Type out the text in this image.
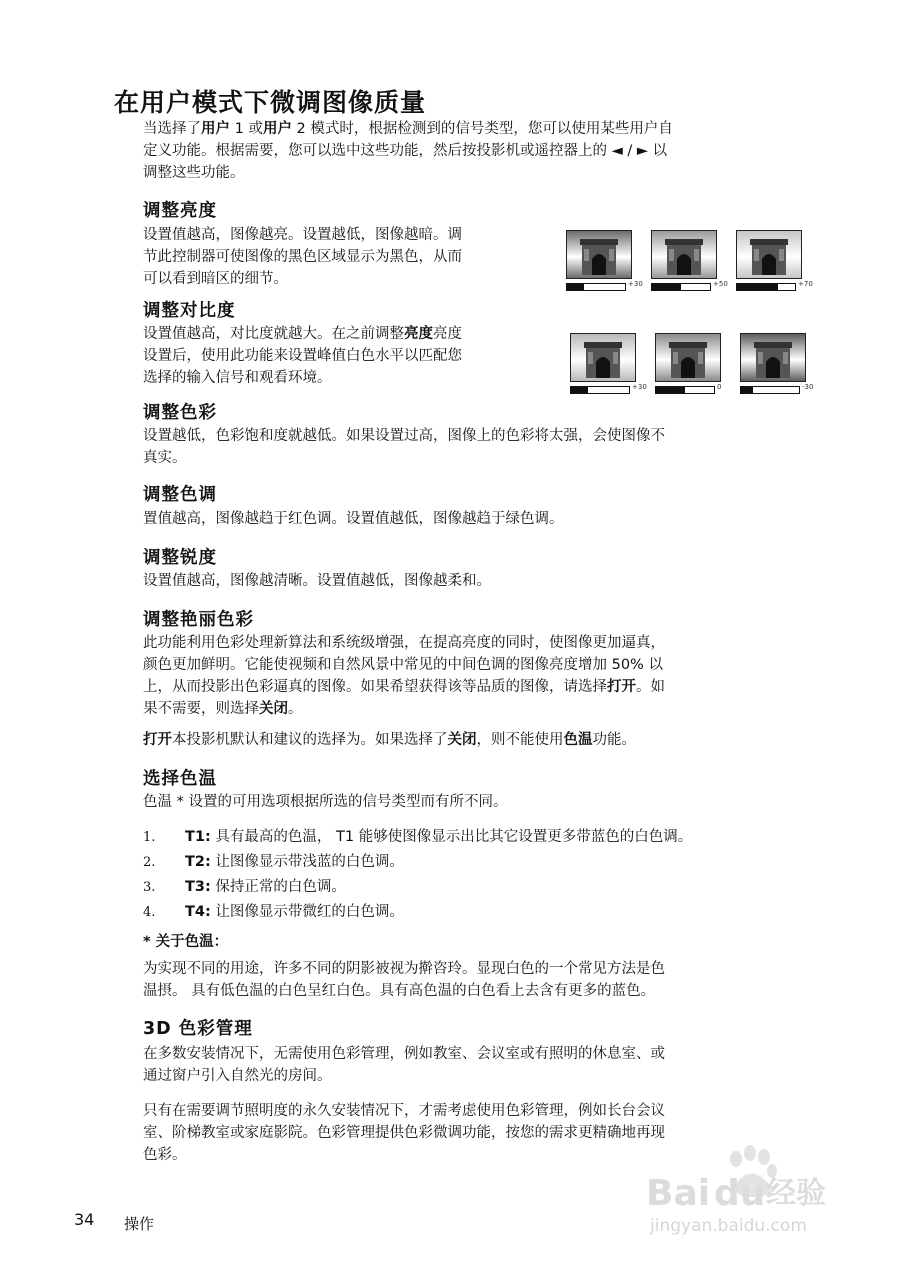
在用户模式下微调图像质量
当选择了用户 1 或用户 2 模式时，根据检测到的信号类型，您可以使用某些用户自
定义功能。根据需要，您可以选中这些功能，然后按投影机或遥控器上的 ◄ / ► 以
调整这些功能。
调整亮度
设置值越高，图像越亮。设置越低，图像越暗。调
节此控制器可使图像的黑色区域显示为黑色，从而
可以看到暗区的细节。	+30	+50	+70
调整对比度
设置值越高，对比度就越大。在之前调整亮度亮度
设置后，使用此功能来设置峰值白色水平以匹配您
选择的输入信号和观看环境。
+30	0	-30
调整色彩
设置越低，色彩饱和度就越低。如果设置过高，图像上的色彩将太强，会使图像不
真实。
调整色调
置值越高，图像越趋于红色调。设置值越低，图像越趋于绿色调。
调整锐度
设置值越高，图像越清晰。设置值越低，图像越柔和。
调整艳丽色彩
此功能利用色彩处理新算法和系统级增强，在提高亮度的同时，使图像更加逼真，
颜色更加鲜明。它能使视频和自然风景中常见的中间色调的图像亮度增加 50% 以
上，从而投影出色彩逼真的图像。如果希望获得该等品质的图像，请选择打开。如
果不需要，则选择关闭。
打开本投影机默认和建议的选择为。如果选择了关闭，则不能使用色温功能。
选择色温
色温 * 设置的可用选项根据所选的信号类型而有所不同。
1. T1: 具有最高的色温， T1 能够使图像显示出比其它设置更多带蓝色的白色调。
2. T2: 让图像显示带浅蓝的白色调。
3. T3: 保持正常的白色调。
4. T4: 让图像显示带微红的白色调。
* 关于色温：
为实现不同的用途，许多不同的阴影被视为擀咨玲。显现白色的一个常见方法是色
温摂。 具有低色温的白色呈红白色。具有高色温的白色看上去含有更多的蓝色。
3D 色彩管理
在多数安装情况下，无需使用色彩管理，例如教室、会议室或有照明的休息室、或
通过窗户引入自然光的房间。
只有在需要调节照明度的永久安装情况下，才需考虑使用色彩管理，例如长台会议
室、阶梯教室或家庭影院。色彩管理提供色彩微调功能，按您的需求更精确地再现
色彩。
34 操作
Bai du 经验
jingyan.baidu.com
